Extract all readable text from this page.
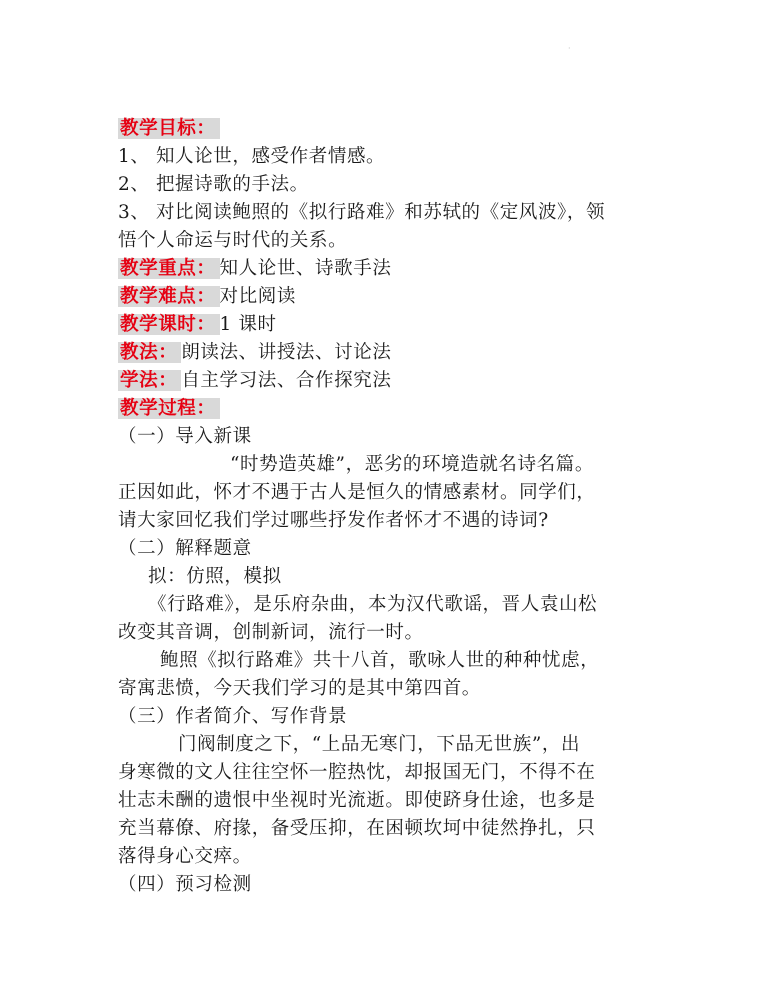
·
教学目标：
1、 知人论世，感受作者情感。
2、 把握诗歌的手法。
3、 对比阅读鲍照的《拟行路难》和苏轼的《定风波》，领
悟个人命运与时代的关系。
教学重点： 知人论世、诗歌手法
教学难点： 对比阅读
教学课时： 1 课时
教法： 朗读法、讲授法、讨论法
学法： 自主学习法、合作探究法
教学过程：
（一）导入新课
“时势造英雄”，恶劣的环境造就名诗名篇。
正因如此，怀才不遇于古人是恒久的情感素材。同学们，
请大家回忆我们学过哪些抒发作者怀才不遇的诗词?
（二）解释题意
拟：仿照，模拟
《行路难》，是乐府杂曲，本为汉代歌谣，晋人袁山松
改变其音调，创制新词，流行一时。
鲍照《拟行路难》共十八首，歌咏人世的种种忧虑，
寄寓悲愤，今天我们学习的是其中第四首。
（三）作者简介、写作背景
门阀制度之下，“上品无寒门，下品无世族”，出
身寒微的文人往往空怀一腔热忱，却报国无门，不得不在
壮志未酬的遗恨中坐视时光流逝。即使跻身仕途，也多是
充当幕僚、府掾，备受压抑，在困顿坎坷中徒然挣扎，只
落得身心交瘁。
（四）预习检测
